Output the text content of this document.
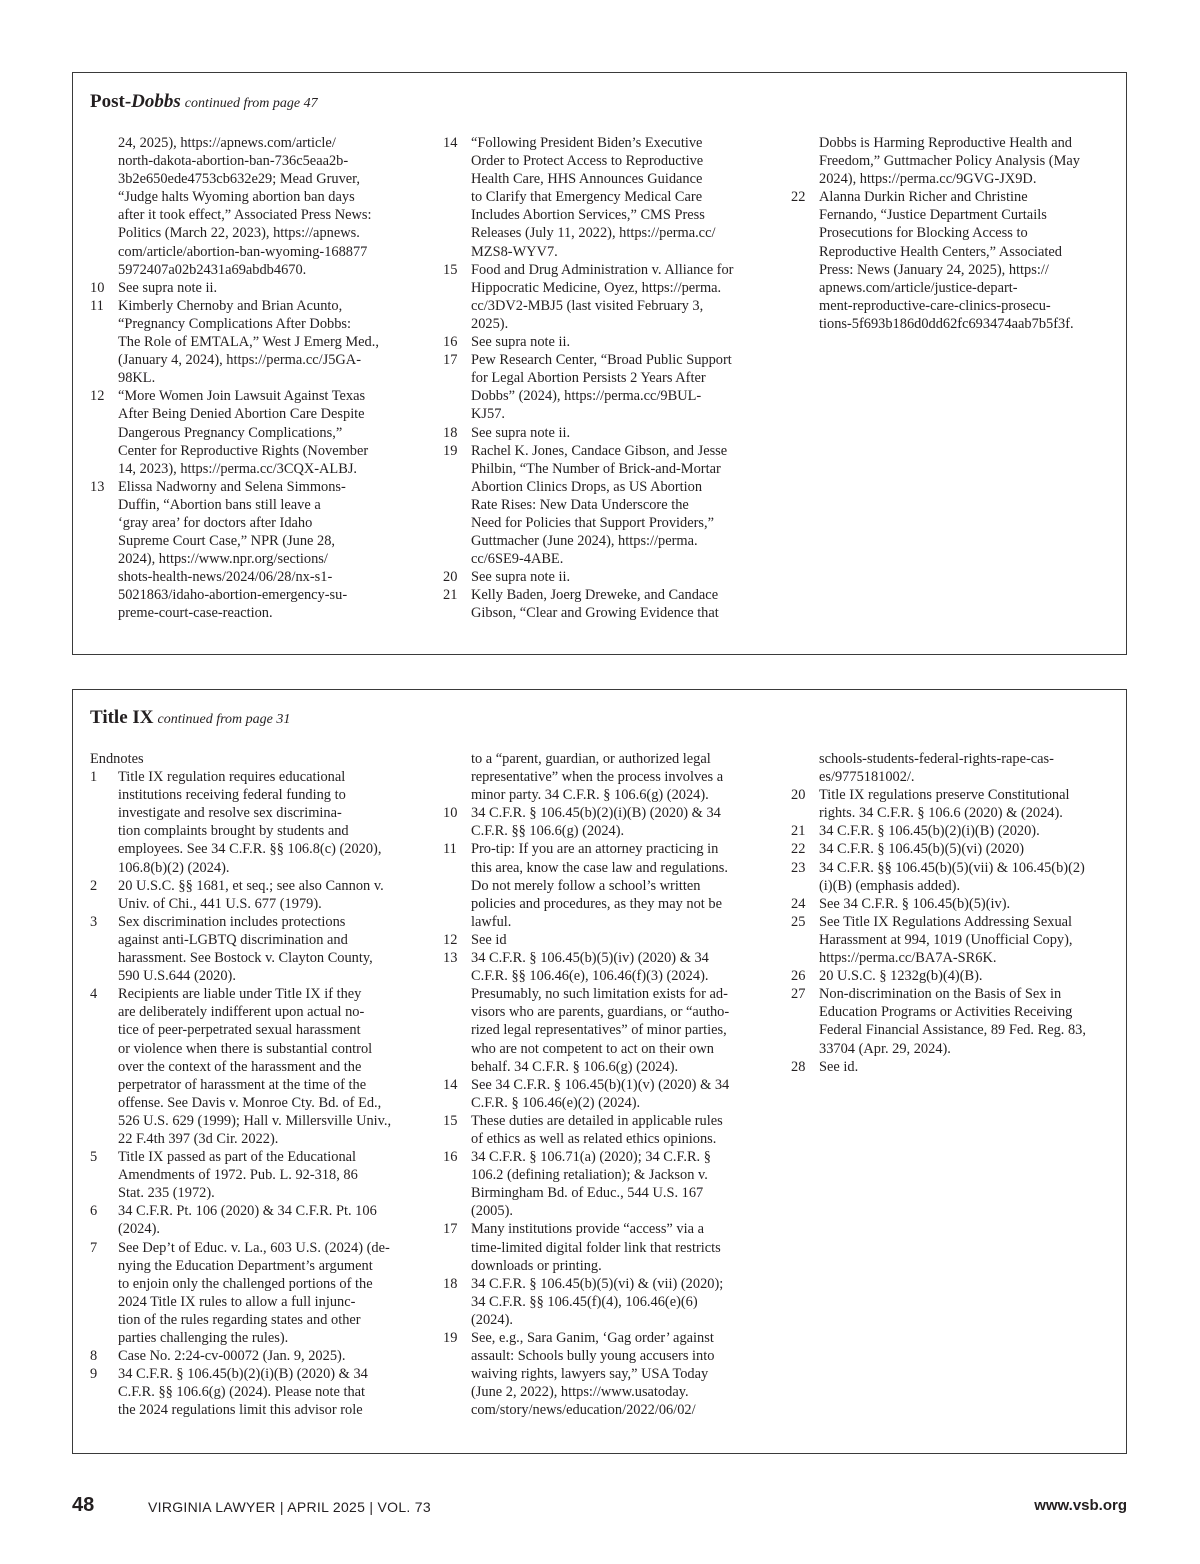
Post-Dobbs continued from page 47
24, 2025), https://apnews.com/article/
north-dakota-abortion-ban-736c5eaa2b-
3b2e650ede4753cb632e29; Mead Gruver,
“Judge halts Wyoming abortion ban days
after it took effect,” Associated Press News:
Politics (March 22, 2023), https://apnews.
com/article/abortion-ban-wyoming-168877
5972407a02b2431a69abdb4670.
10 See supra note ii.
11 Kimberly Chernoby and Brian Acunto,
“Pregnancy Complications After Dobbs:
The Role of EMTALA,” West J Emerg Med.,
(January 4, 2024), https://perma.cc/J5GA-
98KL.
12 “More Women Join Lawsuit Against Texas
After Being Denied Abortion Care Despite
Dangerous Pregnancy Complications,”
Center for Reproductive Rights (November
14, 2023), https://perma.cc/3CQX-ALBJ.
13 Elissa Nadworny and Selena Simmons-
Duffin, “Abortion bans still leave a
‘gray area’ for doctors after Idaho
Supreme Court Case,” NPR (June 28,
2024), https://www.npr.org/sections/
shots-health-news/2024/06/28/nx-s1-
5021863/idaho-abortion-emergency-su-
preme-court-case-reaction.
14 “Following President Biden’s Executive
Order to Protect Access to Reproductive
Health Care, HHS Announces Guidance
to Clarify that Emergency Medical Care
Includes Abortion Services,” CMS Press
Releases (July 11, 2022), https://perma.cc/
MZS8-WYV7.
15 Food and Drug Administration v. Alliance for
Hippocratic Medicine, Oyez, https://perma.
cc/3DV2-MBJ5 (last visited February 3,
2025).
16 See supra note ii.
17 Pew Research Center, “Broad Public Support
for Legal Abortion Persists 2 Years After
Dobbs” (2024), https://perma.cc/9BUL-
KJ57.
18 See supra note ii.
19 Rachel K. Jones, Candace Gibson, and Jesse
Philbin, “The Number of Brick-and-Mortar
Abortion Clinics Drops, as US Abortion
Rate Rises: New Data Underscore the
Need for Policies that Support Providers,”
Guttmacher (June 2024), https://perma.
cc/6SE9-4ABE.
20 See supra note ii.
21 Kelly Baden, Joerg Dreweke, and Candace
Gibson, “Clear and Growing Evidence that
Dobbs is Harming Reproductive Health and
Freedom,” Guttmacher Policy Analysis (May
2024), https://perma.cc/9GVG-JX9D.
22 Alanna Durkin Richer and Christine
Fernando, “Justice Department Curtails
Prosecutions for Blocking Access to
Reproductive Health Centers,” Associated
Press: News (January 24, 2025), https://
apnews.com/article/justice-depart-
ment-reproductive-care-clinics-prosecu-
tions-5f693b186d0dd62fc693474aab7b5f3f.
Title IX continued from page 31
Endnotes
1 Title IX regulation requires educational
institutions receiving federal funding to
investigate and resolve sex discrimina-
tion complaints brought by students and
employees. See 34 C.F.R. §§ 106.8(c) (2020),
106.8(b)(2) (2024).
2 20 U.S.C. §§ 1681, et seq.; see also Cannon v.
Univ. of Chi., 441 U.S. 677 (1979).
3 Sex discrimination includes protections
against anti-LGBTQ discrimination and
harassment. See Bostock v. Clayton County,
590 U.S.644 (2020).
4 Recipients are liable under Title IX if they
are deliberately indifferent upon actual no-
tice of peer-perpetrated sexual harassment
or violence when there is substantial control
over the context of the harassment and the
perpetrator of harassment at the time of the
offense. See Davis v. Monroe Cty. Bd. of Ed.,
526 U.S. 629 (1999); Hall v. Millersville Univ.,
22 F.4th 397 (3d Cir. 2022).
5 Title IX passed as part of the Educational
Amendments of 1972. Pub. L. 92-318, 86
Stat. 235 (1972).
6 34 C.F.R. Pt. 106 (2020) & 34 C.F.R. Pt. 106
(2024).
7 See Dep’t of Educ. v. La., 603 U.S. (2024) (de-
nying the Education Department’s argument
to enjoin only the challenged portions of the
2024 Title IX rules to allow a full injunc-
tion of the rules regarding states and other
parties challenging the rules).
8 Case No. 2:24-cv-00072 (Jan. 9, 2025).
9 34 C.F.R. § 106.45(b)(2)(i)(B) (2020) & 34
C.F.R. §§ 106.6(g) (2024). Please note that
the 2024 regulations limit this advisor role
to a “parent, guardian, or authorized legal
representative” when the process involves a
minor party. 34 C.F.R. § 106.6(g) (2024).
10 34 C.F.R. § 106.45(b)(2)(i)(B) (2020) & 34
C.F.R. §§ 106.6(g) (2024).
11 Pro-tip: If you are an attorney practicing in
this area, know the case law and regulations.
Do not merely follow a school’s written
policies and procedures, as they may not be
lawful.
12 See id
13 34 C.F.R. § 106.45(b)(5)(iv) (2020) & 34
C.F.R. §§ 106.46(e), 106.46(f)(3) (2024).
Presumably, no such limitation exists for ad-
visors who are parents, guardians, or “autho-
rized legal representatives” of minor parties,
who are not competent to act on their own
behalf. 34 C.F.R. § 106.6(g) (2024).
14 See 34 C.F.R. § 106.45(b)(1)(v) (2020) & 34
C.F.R. § 106.46(e)(2) (2024).
15 These duties are detailed in applicable rules
of ethics as well as related ethics opinions.
16 34 C.F.R. § 106.71(a) (2020); 34 C.F.R. §
106.2 (defining retaliation); & Jackson v.
Birmingham Bd. of Educ., 544 U.S. 167
(2005).
17 Many institutions provide “access” via a
time-limited digital folder link that restricts
downloads or printing.
18 34 C.F.R. § 106.45(b)(5)(vi) & (vii) (2020);
34 C.F.R. §§ 106.45(f)(4), 106.46(e)(6)
(2024).
19 See, e.g., Sara Ganim, ‘Gag order’ against
assault: Schools bully young accusers into
waiving rights, lawyers say,” USA Today
(June 2, 2022), https://www.usatoday.
com/story/news/education/2022/06/02/
schools-students-federal-rights-rape-cas-
es/9775181002/.
20 Title IX regulations preserve Constitutional
rights. 34 C.F.R. § 106.6 (2020) & (2024).
21 34 C.F.R. § 106.45(b)(2)(i)(B) (2020).
22 34 C.F.R. § 106.45(b)(5)(vi) (2020)
23 34 C.F.R. §§ 106.45(b)(5)(vii) & 106.45(b)(2)
(i)(B) (emphasis added).
24 See 34 C.F.R. § 106.45(b)(5)(iv).
25 See Title IX Regulations Addressing Sexual
Harassment at 994, 1019 (Unofficial Copy),
https://perma.cc/BA7A-SR6K.
26 20 U.S.C. § 1232g(b)(4)(B).
27 Non-discrimination on the Basis of Sex in
Education Programs or Activities Receiving
Federal Financial Assistance, 89 Fed. Reg. 83,
33704 (Apr. 29, 2024).
28 See id.
48	VIRGINIA LAWYER | APRIL 2025 | VOL. 73	www.vsb.org
